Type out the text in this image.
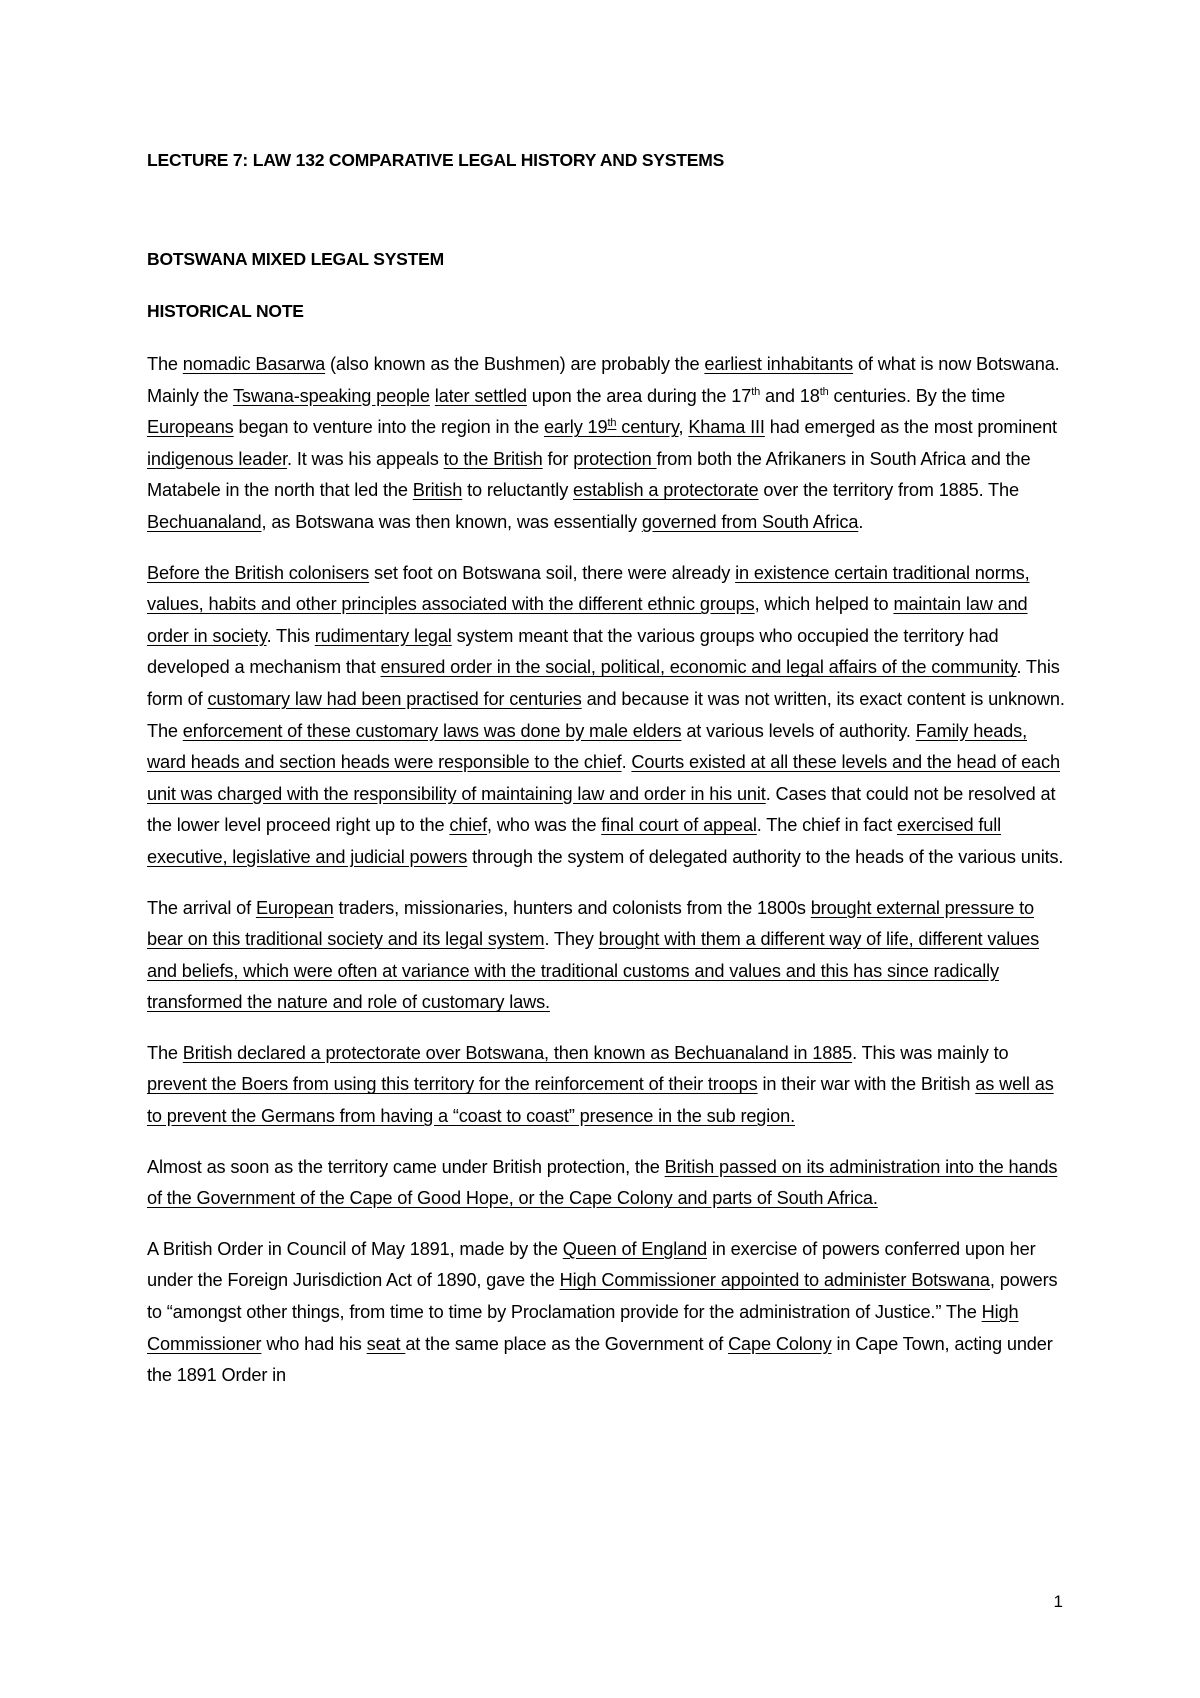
LECTURE 7: LAW 132 COMPARATIVE LEGAL HISTORY AND SYSTEMS

BOTSWANA MIXED LEGAL SYSTEM

HISTORICAL NOTE

The nomadic Basarwa (also known as the Bushmen) are probably the earliest inhabitants of what is now Botswana. Mainly the Tswana-speaking people later settled upon the area during the 17th and 18th centuries. By the time Europeans began to venture into the region in the early 19th century, Khama III had emerged as the most prominent indigenous leader. It was his appeals to the British for protection from both the Afrikaners in South Africa and the Matabele in the north that led the British to reluctantly establish a protectorate over the territory from 1885. The Bechuanaland, as Botswana was then known, was essentially governed from South Africa.

Before the British colonisers set foot on Botswana soil, there were already in existence certain traditional norms, values, habits and other principles associated with the different ethnic groups, which helped to maintain law and order in society. This rudimentary legal system meant that the various groups who occupied the territory had developed a mechanism that ensured order in the social, political, economic and legal affairs of the community. This form of customary law had been practised for centuries and because it was not written, its exact content is unknown. The enforcement of these customary laws was done by male elders at various levels of authority. Family heads, ward heads and section heads were responsible to the chief. Courts existed at all these levels and the head of each unit was charged with the responsibility of maintaining law and order in his unit. Cases that could not be resolved at the lower level proceed right up to the chief, who was the final court of appeal. The chief in fact exercised full executive, legislative and judicial powers through the system of delegated authority to the heads of the various units.

The arrival of European traders, missionaries, hunters and colonists from the 1800s brought external pressure to bear on this traditional society and its legal system. They brought with them a different way of life, different values and beliefs, which were often at variance with the traditional customs and values and this has since radically transformed the nature and role of customary laws.

The British declared a protectorate over Botswana, then known as Bechuanaland in 1885. This was mainly to prevent the Boers from using this territory for the reinforcement of their troops in their war with the British as well as to prevent the Germans from having a “coast to coast” presence in the sub region.

Almost as soon as the territory came under British protection, the British passed on its administration into the hands of the Government of the Cape of Good Hope, or the Cape Colony and parts of South Africa.

A British Order in Council of May 1891, made by the Queen of England in exercise of powers conferred upon her under the Foreign Jurisdiction Act of 1890, gave the High Commissioner appointed to administer Botswana, powers to “amongst other things, from time to time by Proclamation provide for the administration of Justice.” The High Commissioner who had his seat at the same place as the Government of Cape Colony in Cape Town, acting under the 1891 Order in

1
